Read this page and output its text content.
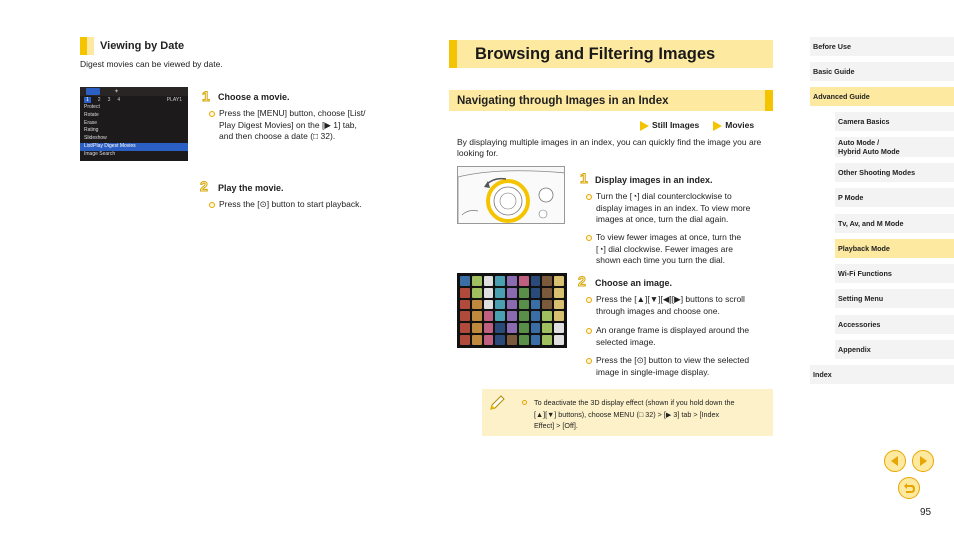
Viewing by Date
Digest movies can be viewed by date.
✦
1	2 3 4	PLAY1
Protect
Rotate
Erase
Rating
Slideshow
List/Play Digest Movies
Image Search
1 Choose a movie.
Press the [MENU] button, choose [List/
Play Digest Movies] on the [▶ 1] tab,
and then choose a date (□ 32).
2 Play the movie.
Press the [⊙] button to start playback.
Browsing and Filtering Images
Navigating through Images in an Index
Still Images	Movies
By displaying multiple images in an index, you can quickly find the image you are looking for.
1 Display images in an index.
Turn the [◔] dial counterclockwise to
display images in an index. To view more
images at once, turn the dial again.
To view fewer images at once, turn the
[◔] dial clockwise. Fewer images are
shown each time you turn the dial.
2 Choose an image.
Press the [▲][▼][◀][▶] buttons to scroll
through images and choose one.
An orange frame is displayed around the
selected image.
Press the [⊙] button to view the selected
image in single-image display.
To deactivate the 3D display effect (shown if you hold down the
[▲][▼] buttons), choose MENU (□ 32) > [▶ 3] tab > [Index
Effect] > [Off].
Before Use
Basic Guide
Advanced Guide
Camera Basics
Auto Mode /
Hybrid Auto Mode
Other Shooting Modes
P Mode
Tv, Av, and M Mode
Playback Mode
Wi-Fi Functions
Setting Menu
Accessories
Appendix
Index
95
